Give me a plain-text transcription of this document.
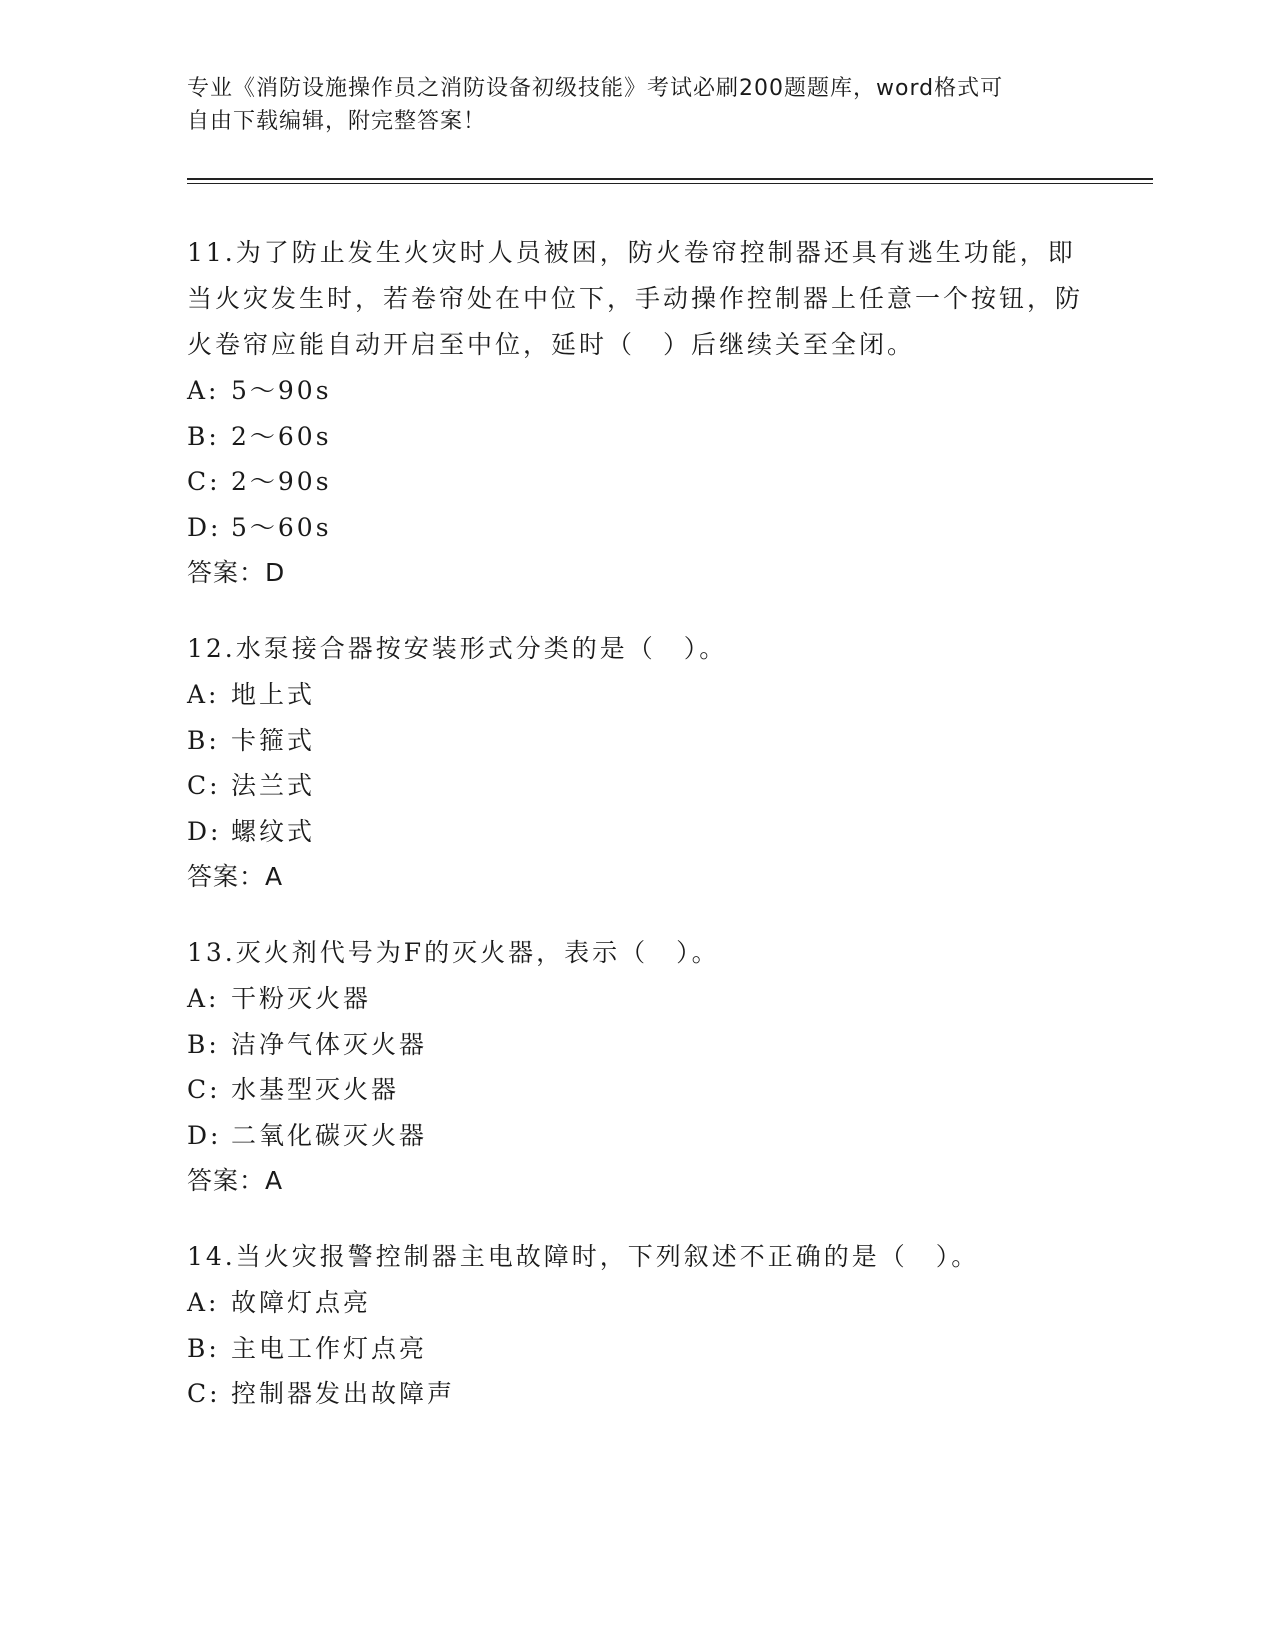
专业《消防设施操作员之消防设备初级技能》考试必刷200题题库，word格式可
自由下载编辑，附完整答案！

11.为了防止发生火灾时人员被困，防火卷帘控制器还具有逃生功能，即当火灾发生时，若卷帘处在中位下，手动操作控制器上任意一个按钮，防火卷帘应能自动开启至中位，延时（　）后继续关至全闭。

A: 5～90s
B: 2～60s
C: 2～90s
D: 5～60s
答案：D

12.水泵接合器按安装形式分类的是（　）。

A: 地上式
B: 卡箍式
C: 法兰式
D: 螺纹式
答案：A

13.灭火剂代号为F的灭火器，表示（　）。

A: 干粉灭火器
B: 洁净气体灭火器
C: 水基型灭火器
D: 二氧化碳灭火器
答案：A

14.当火灾报警控制器主电故障时，下列叙述不正确的是（　）。

A: 故障灯点亮
B: 主电工作灯点亮
C: 控制器发出故障声
